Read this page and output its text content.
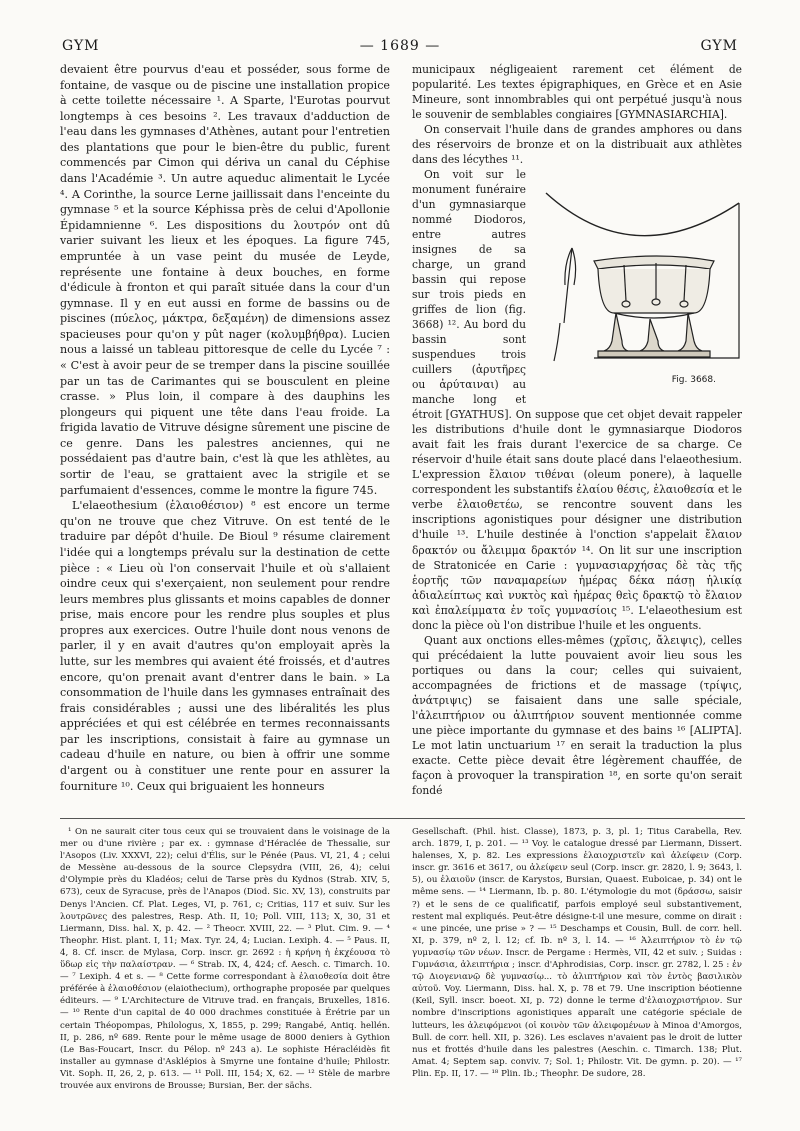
GYM	— 1689 —	GYM

devaient être pourvus d'eau et posséder, sous forme de fontaine, de vasque ou de piscine une installation propice à cette toilette nécessaire ¹. A Sparte, l'Eurotas pourvut longtemps à ces besoins ². Les travaux d'adduction de l'eau dans les gymnases d'Athènes, autant pour l'entretien des plantations que pour le bien-être du public, furent commencés par Cimon qui dériva un canal du Céphise dans l'Académie ³. Un autre aqueduc alimentait le Lycée ⁴. A Corinthe, la source Lerne jaillissait dans l'enceinte du gymnase ⁵ et la source Képhissa près de celui d'Apollonie Épidamnienne ⁶. Les dispositions du λουτρόν ont dû varier suivant les lieux et les époques. La figure 745, empruntée à un vase peint du musée de Leyde, représente une fontaine à deux bouches, en forme d'édicule à fronton et qui paraît située dans la cour d'un gymnase. Il y en eut aussi en forme de bassins ou de piscines (πύελος, μάκτρα, δεξαμένη) de dimensions assez spacieuses pour qu'on y pût nager (κολυμβήθρα). Lucien nous a laissé un tableau pittoresque de celle du Lycée ⁷ : « C'est à avoir peur de se tremper dans la piscine souillée par un tas de Carimantes qui se bousculent en pleine crasse. » Plus loin, il compare à des dauphins les plongeurs qui piquent une tête dans l'eau froide. La frigida lavatio de Vitruve désigne sûrement une piscine de ce genre. Dans les palestres anciennes, qui ne possédaient pas d'autre bain, c'est là que les athlètes, au sortir de l'eau, se grattaient avec la strigile et se parfumaient d'essences, comme le montre la figure 745.

L'elaeothesium (ἐλαιοθέσιον) ⁸ est encore un terme qu'on ne trouve que chez Vitruve. On est tenté de le traduire par dépôt d'huile. De Bioul ⁹ résume clairement l'idée qui a longtemps prévalu sur la destination de cette pièce : « Lieu où l'on conservait l'huile et où s'allaient oindre ceux qui s'exerçaient, non seulement pour rendre leurs membres plus glissants et moins capables de donner prise, mais encore pour les rendre plus souples et plus propres aux exercices. Outre l'huile dont nous venons de parler, il y en avait d'autres qu'on employait après la lutte, sur les membres qui avaient été froissés, et d'autres encore, qu'on prenait avant d'entrer dans le bain. » La consommation de l'huile dans les gymnases entraînait des frais considérables ; aussi une des libéralités les plus appréciées et qui est célébrée en termes reconnaissants par les inscriptions, consistait à faire au gymnase un cadeau d'huile en nature, ou bien à offrir une somme d'argent ou à constituer une rente pour en assurer la fourniture ¹⁰. Ceux qui briguaient les honneurs

municipaux négligeaient rarement cet élément de popularité. Les textes épigraphiques, en Grèce et en Asie Mineure, sont innombrables qui ont perpétué jusqu'à nous le souvenir de semblables congiaires [GYMNASIARCHIA].

On conservait l'huile dans de grandes amphores ou dans des réservoirs de bronze et on la distribuait aux athlètes dans des lécythes ¹¹.

Fig. 3668.

On voit sur le monument funéraire d'un gymnasiarque nommé Diodoros, entre autres insignes de sa charge, un grand bassin qui repose sur trois pieds en griffes de lion (fig. 3668) ¹². Au bord du bassin sont suspendues trois cuillers (ἀρυτῆρες ou ἀρύταιναι) au manche long et étroit [GYATHUS]. On suppose que cet objet devait rappeler les distributions d'huile dont le gymnasiarque Diodoros avait fait les frais durant l'exercice de sa charge. Ce réservoir d'huile était sans doute placé dans l'elaeothesium. L'expression ἔλαιον τιθέναι (oleum ponere), à laquelle correspondent les substantifs ἐλαίου θέσις, ἐλαιοθεσία et le verbe ἐλαιοθετέω, se rencontre souvent dans les inscriptions agonistiques pour désigner une distribution d'huile ¹³. L'huile destinée à l'onction s'appelait ἔλαιον δρακτόν ou ἄλειμμα δρακτόν ¹⁴. On lit sur une inscription de Stratonicée en Carie : γυμνασιαρχήσας δὲ τὰς τῆς ἑορτῆς τῶν παναμαρείων ἡμέρας δέκα πάσῃ ἡλικίᾳ ἀδιαλείπτως καὶ νυκτὸς καὶ ἡμέρας θεὶς δρακτῷ τὸ ἔλαιον καὶ ἐπαλείμματα ἐν τοῖς γυμνασίοις ¹⁵. L'elaeothesium est donc la pièce où l'on distribue l'huile et les onguents.

Quant aux onctions elles-mêmes (χρῖσις, ἄλειψις), celles qui précédaient la lutte pouvaient avoir lieu sous les portiques ou dans la cour; celles qui suivaient, accompagnées de frictions et de massage (τρίψις, ἀνάτριψις) se faisaient dans une salle spéciale, l'ἀλειπτήριον ou ἀλιπτήριον souvent mentionnée comme une pièce importante du gymnase et des bains ¹⁶ [ALIPTA]. Le mot latin unctuarium ¹⁷ en serait la traduction la plus exacte. Cette pièce devait être légèrement chauffée, de façon à provoquer la transpiration ¹⁸, en sorte qu'on serait fondé

¹ On ne saurait citer tous ceux qui se trouvaient dans le voisinage de la mer ou d'une rivière ; par ex. : gymnase d'Héraclée de Thessalie, sur l'Asopos (Liv. XXXVI, 22); celui d'Élis, sur le Pénée (Paus. VI, 21, 4 ; celui de Messène au-dessous de la source Clepsydra (VIII, 26, 4); celui d'Olympie près du Kladéos; celui de Tarse près du Kydnos (Strab. XIV, 5, 673), ceux de Syracuse, près de l'Anapos (Diod. Sic. XV, 13), construits par Denys l'Ancien. Cf. Plat. Leges, VI, p. 761, c; Critias, 117 et suiv. Sur les λουτρῶνες des palestres, Resp. Ath. II, 10; Poll. VIII, 113; X, 30, 31 et Liermann, Diss. hal. X, p. 42. — ² Theocr. XVIII, 22. — ³ Plut. Cim. 9. — ⁴ Theophr. Hist. plant. I, 11; Max. Tyr. 24, 4; Lucian. Lexiph. 4. — ⁵ Paus. II, 4, 8. Cf. inscr. de Mylasa, Corp. inscr. gr. 2692 : ἡ κρήνη ἡ ἐκχέουσα τὸ ὕδωρ εἰς τὴν παλαίστραν. — ⁶ Strab. IX, 4, 424; cf. Aesch. c. Timarch. 10. — ⁷ Lexiph. 4 et s. — ⁸ Cette forme correspondant à ἐλαιοθεσία doit être préférée à ἐλαιοθέσιον (elaiothecium), orthographe proposée par quelques éditeurs. — ⁹ L'Architecture de Vitruve trad. en français, Bruxelles, 1816. — ¹⁰ Rente d'un capital de 40 000 drachmes constituée à Érétrie par un certain Théopompas, Philologus, X, 1855, p. 299; Rangabé, Antiq. hellén. II, p. 286, nº 689. Rente pour le même usage de 8000 deniers à Gythion (Le Bas-Foucart, Inscr. du Pélop. nº 243 a). Le sophiste Héracléidès fit installer au gymnase d'Asklépios à Smyrne une fontaine d'huile; Philostr. Vit. Soph. II, 26, 2, p. 613. — ¹¹ Poll. III, 154; X, 62. — ¹² Stèle de marbre trouvée aux environs de Brousse; Bursian, Ber. der sächs.

Gesellschaft. (Phil. hist. Classe), 1873, p. 3, pl. 1; Titus Carabella, Rev. arch. 1879, I, p. 201. — ¹³ Voy. le catalogue dressé par Liermann, Dissert. halenses, X, p. 82. Les expressions ἐλαιοχριστεῖν καὶ ἀλείφειν (Corp. inscr. gr. 3616 et 3617, ou ἀλείφειν seul (Corp. inscr. gr. 2820, l. 9; 3643, l. 5), ou ἐλαιοῦν (inscr. de Karystos, Bursian, Quaest. Euboicae, p. 34) ont le même sens. — ¹⁴ Liermann, Ib. p. 80. L'étymologie du mot (δράσσω, saisir ?) et le sens de ce qualificatif, parfois employé seul substantivement, restent mal expliqués. Peut-être désigne-t-il une mesure, comme on dirait : « une pincée, une prise » ? — ¹⁵ Deschamps et Cousin, Bull. de corr. hell. XI, p. 379, nº 2, l. 12; cf. Ib. nº 3, l. 14. — ¹⁶ Ἀλειπτήριον τὸ ἐν τῷ γυμνασίῳ τῶν νέων. Inscr. de Pergame : Hermès, VII, 42 et suiv. ; Suidas : Γυμνάσια, ἀλειπτήρια ; inscr. d'Aphrodisias, Corp. inscr. gr. 2782, l. 25 : ἐν τῷ Διογενιανῷ δὲ γυμνασίῳ... τὸ ἀλιπτήριον καὶ τὸν ἐντὸς βασιλικὸν αὐτοῦ. Voy. Liermann, Diss. hal. X, p. 78 et 79. Une inscription béotienne (Keil, Syll. inscr. boeot. XI, p. 72) donne le terme d'ἐλαιοχριστήριον. Sur nombre d'inscriptions agonistiques apparaît une catégorie spéciale de lutteurs, les ἀλειφόμενοι (οἱ κοινὸν τῶν ἀλειφομένων à Minoa d'Amorgos, Bull. de corr. hell. XII, p. 326). Les esclaves n'avaient pas le droit de lutter nus et frottés d'huile dans les palestres (Aeschin. c. Timarch. 138; Plut. Amat. 4; Septem sap. conviv. 7; Sol. 1; Philostr. Vit. De gymn. p. 20). — ¹⁷ Plin. Ep. II, 17. — ¹⁸ Plin. Ib.; Theophr. De sudore, 28.
